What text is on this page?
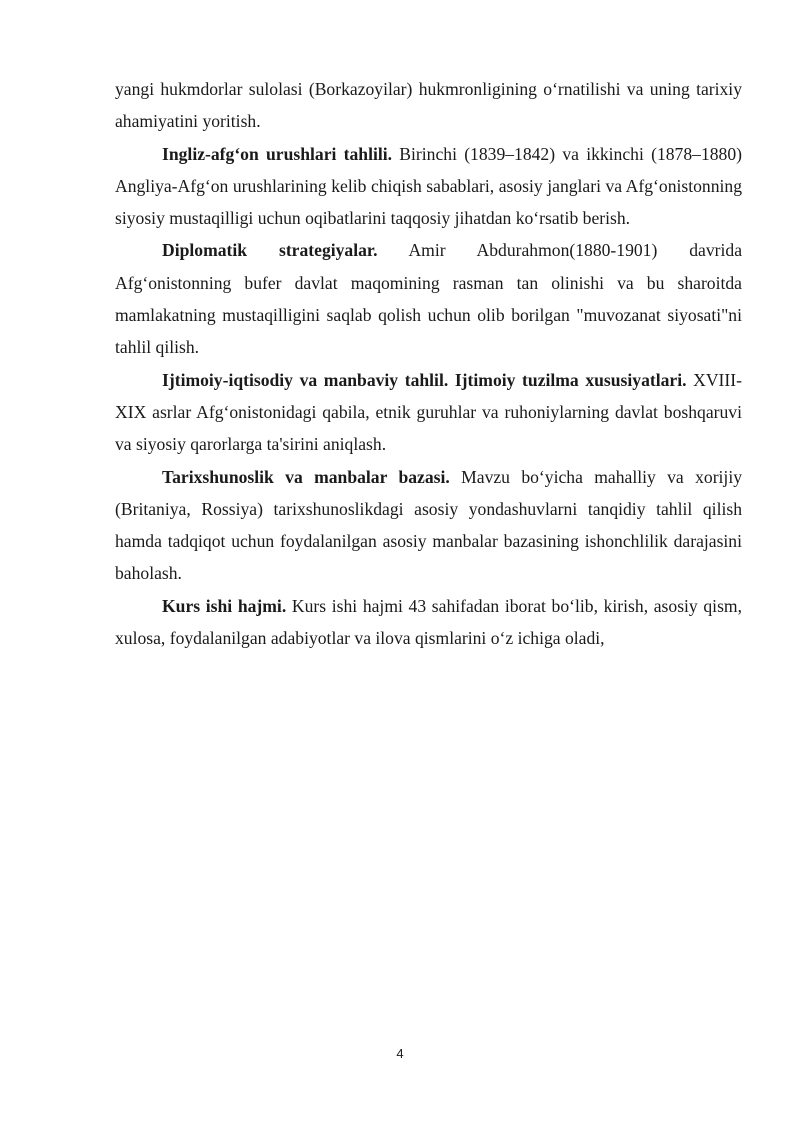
yangi hukmdorlar sulolasi (Borkazoyilar) hukmronligining o‘rnatilishi va uning tarixiy ahamiyatini yoritish.

Ingliz-afg‘on urushlari tahlili. Birinchi (1839–1842) va ikkinchi (1878–1880) Angliya-Afg‘on urushlarining kelib chiqish sabablari, asosiy janglari va Afg‘onistonning siyosiy mustaqilligi uchun oqibatlarini taqqosiy jihatdan ko‘rsatib berish.

Diplomatik strategiyalar. Amir Abdurahmon(1880-1901) davrida Afg‘onistonning bufer davlat maqomining rasman tan olinishi va bu sharoitda mamlakatning mustaqilligini saqlab qolish uchun olib borilgan "muvozanat siyosati"ni tahlil qilish.

Ijtimoiy-iqtisodiy va manbaviy tahlil. Ijtimoiy tuzilma xususiyatlari. XVIII-XIX asrlar Afg‘onistonidagi qabila, etnik guruhlar va ruhoniylarning davlat boshqaruvi va siyosiy qarorlarga ta'sirini aniqlash.

Tarixshunoslik va manbalar bazasi. Mavzu bo‘yicha mahalliy va xorijiy (Britaniya, Rossiya) tarixshunoslikdagi asosiy yondashuvlarni tanqidiy tahlil qilish hamda tadqiqot uchun foydalanilgan asosiy manbalar bazasining ishonchlilik darajasini baholash.

Kurs ishi hajmi. Kurs ishi hajmi 43 sahifadan iborat bo‘lib, kirish, asosiy qism, xulosa, foydalanilgan adabiyotlar va ilova qismlarini o‘z ichiga oladi,

4
